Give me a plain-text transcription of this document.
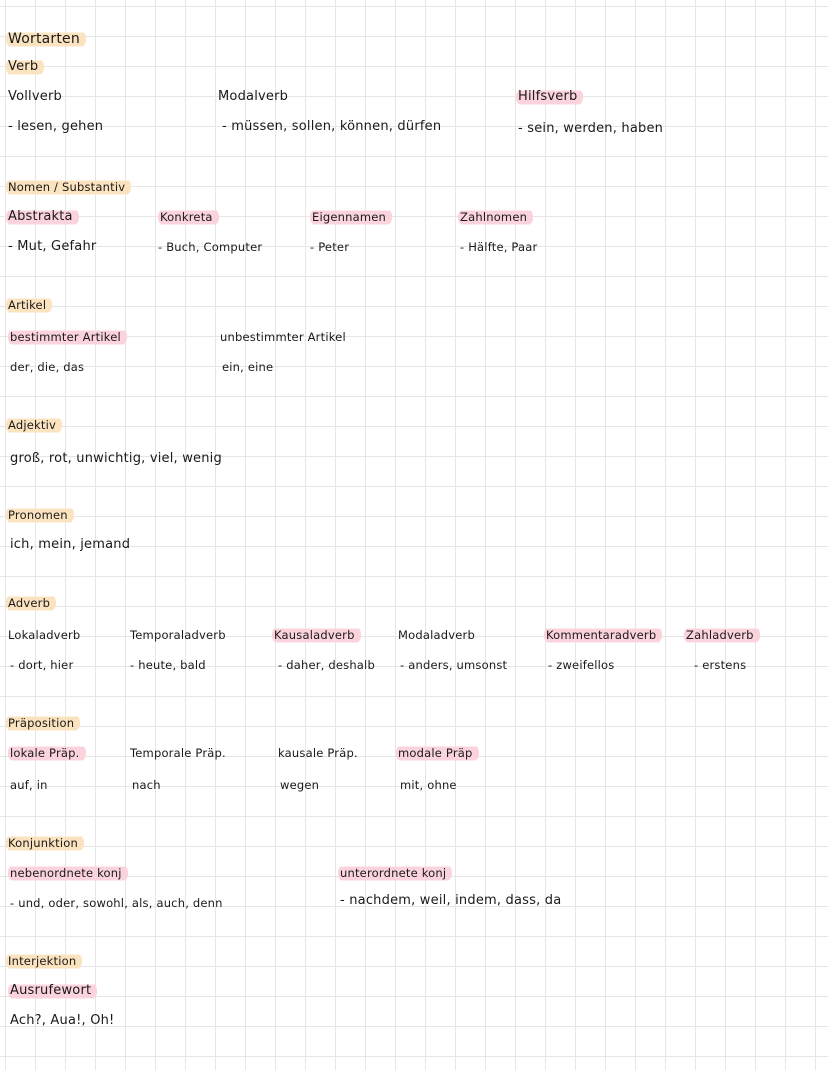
Wortarten
Verb
Vollverb
- lesen, gehen
Modalverb
- müssen, sollen, können, dürfen
Hilfsverb
- sein, werden, haben
Nomen / Substantiv
Abstrakta
- Mut, Gefahr
Konkreta
- Buch, Computer
Eigennamen
- Peter
Zahlnomen
- Hälfte, Paar
Artikel
bestimmter Artikel
der, die, das
unbestimmter Artikel
ein, eine
Adjektiv
groß, rot, unwichtig, viel, wenig
Pronomen
ich, mein, jemand
Adverb
Lokaladverb
- dort, hier
Temporaladverb
- heute, bald
Kausaladverb
- daher, deshalb
Modaladverb
- anders, umsonst
Kommentaradverb
- zweifellos
Zahladverb
- erstens
Präposition
lokale Präp.
auf, in
Temporale Präp.
nach
kausale Präp.
wegen
modale Präp
mit, ohne
Konjunktion
nebenordnete konj
- und, oder, sowohl, als, auch, denn
unterordnete konj
- nachdem, weil, indem, dass, da
Interjektion
Ausrufewort
Ach?, Aua!, Oh!
